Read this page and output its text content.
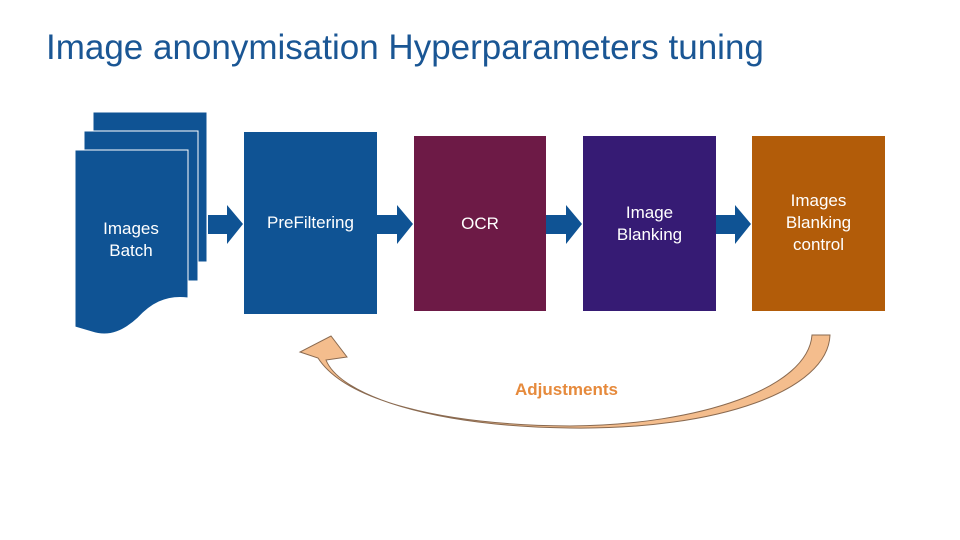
Image anonymisation Hyperparameters tuning
Images
Batch
PreFiltering	OCR
Image
Blanking
Images
Blanking
control
Adjustments
